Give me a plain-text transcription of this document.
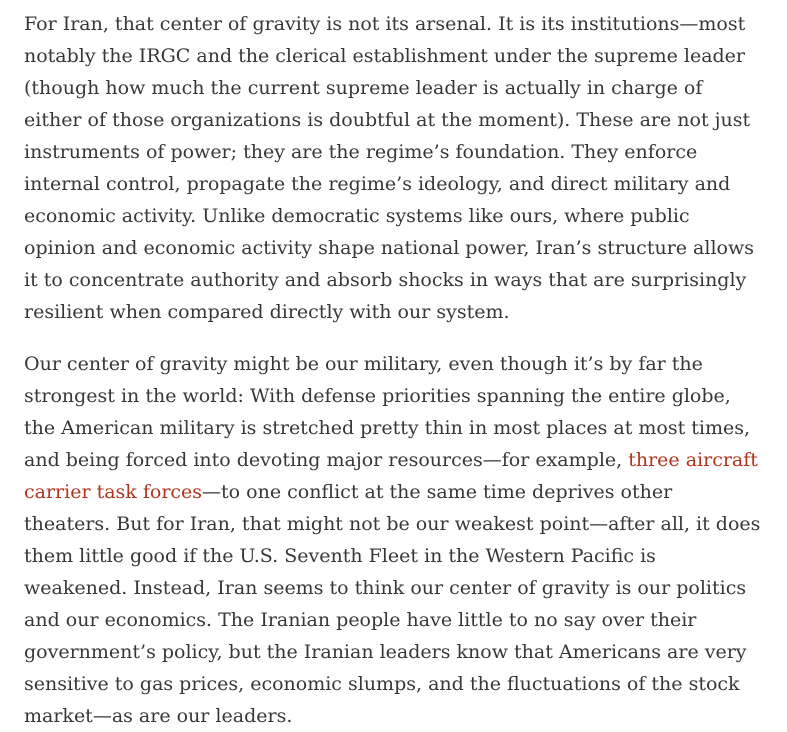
For Iran, that center of gravity is not its arsenal. It is its institutions—most notably the IRGC and the clerical establishment under the supreme leader (though how much the current supreme leader is actually in charge of either of those organizations is doubtful at the moment). These are not just instruments of power; they are the regime’s foundation. They enforce internal control, propagate the regime’s ideology, and direct military and economic activity. Unlike democratic systems like ours, where public opinion and economic activity shape national power, Iran’s structure allows it to concentrate authority and absorb shocks in ways that are surprisingly resilient when compared directly with our system.

Our center of gravity might be our military, even though it’s by far the strongest in the world: With defense priorities spanning the entire globe, the American military is stretched pretty thin in most places at most times, and being forced into devoting major resources—for example, three aircraft carrier task forces—to one conflict at the same time deprives other theaters. But for Iran, that might not be our weakest point—after all, it does them little good if the U.S. Seventh Fleet in the Western Pacific is weakened. Instead, Iran seems to think our center of gravity is our politics and our economics. The Iranian people have little to no say over their government’s policy, but the Iranian leaders know that Americans are very sensitive to gas prices, economic slumps, and the fluctuations of the stock market—as are our leaders.
